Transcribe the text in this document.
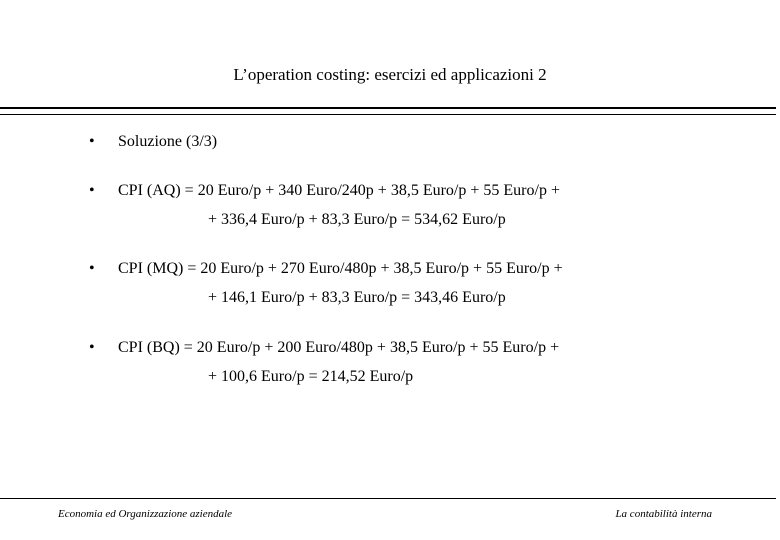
L’operation costing: esercizi ed applicazioni 2
• Soluzione (3/3)
• CPI (AQ) = 20 Euro/p + 340 Euro/240p + 38,5 Euro/p + 55 Euro/p +
+ 336,4 Euro/p + 83,3 Euro/p = 534,62 Euro/p
• CPI (MQ) = 20 Euro/p + 270 Euro/480p + 38,5 Euro/p + 55 Euro/p +
+ 146,1 Euro/p + 83,3 Euro/p = 343,46 Euro/p
• CPI (BQ) = 20 Euro/p + 200 Euro/480p + 38,5 Euro/p + 55 Euro/p +
+ 100,6 Euro/p = 214,52 Euro/p
Economia ed Organizzazione aziendale	La contabilità interna
